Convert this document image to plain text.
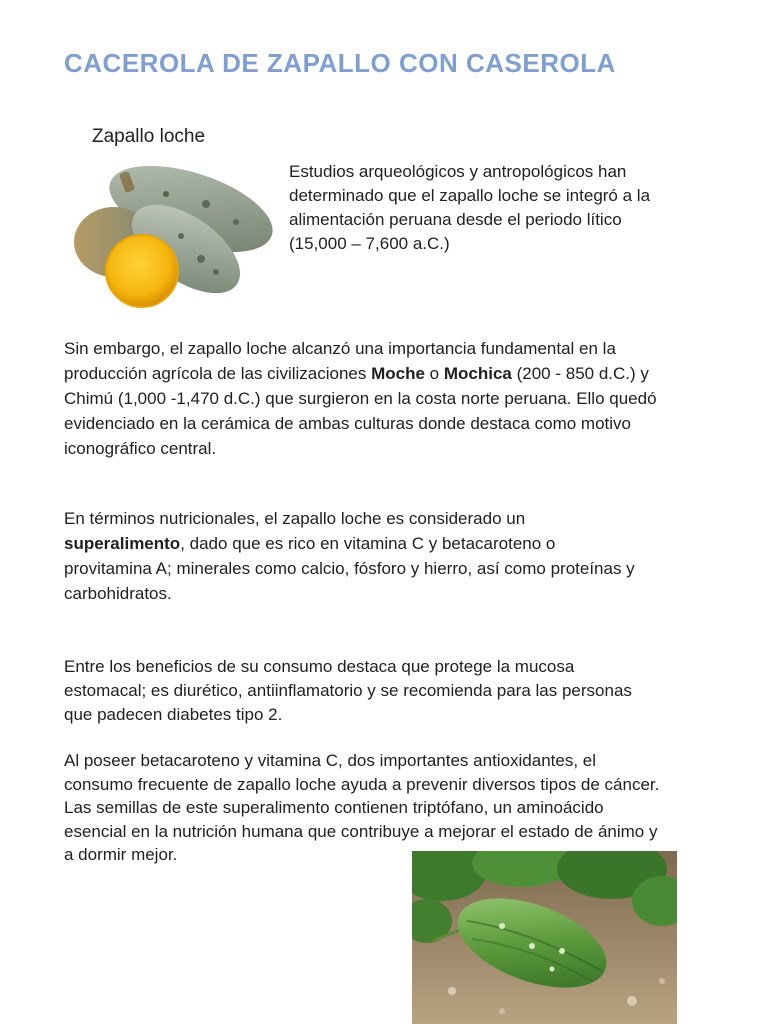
CACEROLA DE ZAPALLO CON CASEROLA
Zapallo loche

Estudios arqueológicos y antropológicos han determinado que el zapallo loche se integró a la alimentación peruana desde el periodo lítico (15,000 – 7,600 a.C.)

Sin embargo, el zapallo loche alcanzó una importancia fundamental en la producción agrícola de las civilizaciones Moche o Mochica (200 - 850 d.C.) y Chimú (1,000 -1,470 d.C.) que surgieron en la costa norte peruana. Ello quedó evidenciado en la cerámica de ambas culturas donde destaca como motivo iconográfico central.

En términos nutricionales, el zapallo loche es considerado un superalimento, dado que es rico en vitamina C y betacaroteno o provitamina A; minerales como calcio, fósforo y hierro, así como proteínas y carbohidratos.

Entre los beneficios de su consumo destaca que protege la mucosa estomacal; es diurético, antiinflamatorio y se recomienda para las personas que padecen diabetes tipo 2.

Al poseer betacaroteno y vitamina C, dos importantes antioxidantes, el consumo frecuente de zapallo loche ayuda a prevenir diversos tipos de cáncer. Las semillas de este superalimento contienen triptófano, un aminoácido esencial en la nutrición humana que contribuye a mejorar el estado de ánimo y a dormir mejor.
